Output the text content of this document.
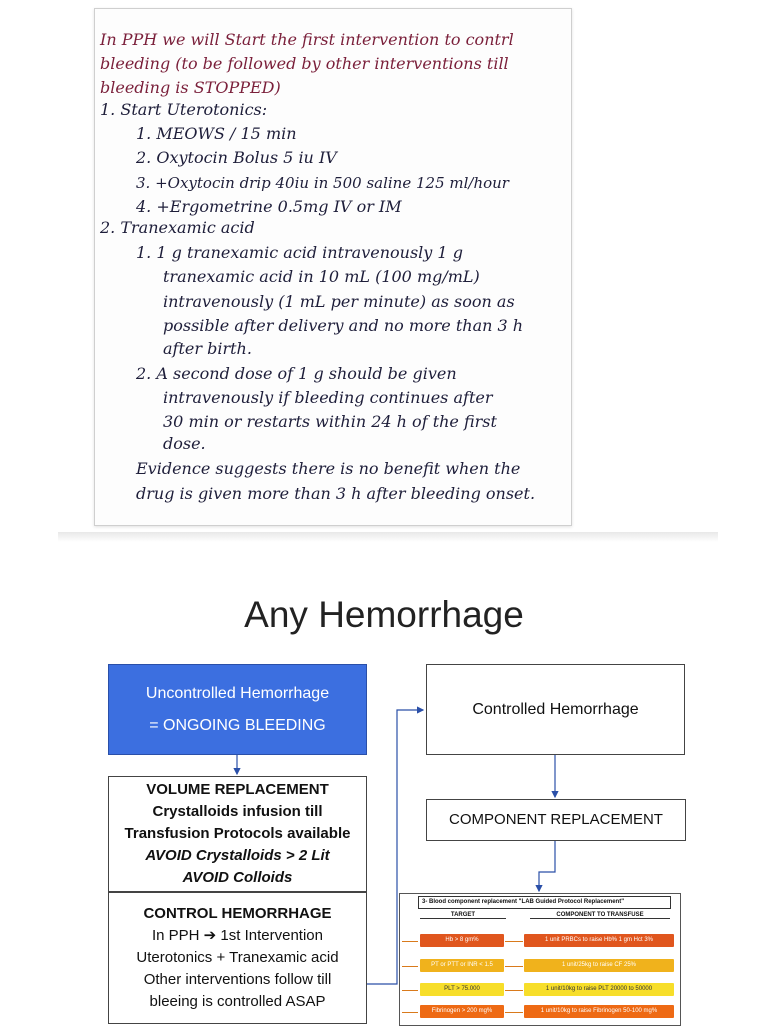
In PPH we will Start the first intervention to contrl
bleeding (to be followed by other interventions till
bleeding is STOPPED)
1. Start Uterotonics:
1. MEOWS / 15 min
2. Oxytocin Bolus 5 iu IV
3. +Oxytocin drip 40iu in 500 saline 125 ml/hour
4. +Ergometrine 0.5mg IV or IM
2. Tranexamic acid
1. 1 g tranexamic acid intravenously 1 g
tranexamic acid in 10 mL (100 mg/mL)
intravenously (1 mL per minute) as soon as
possible after delivery and no more than 3 h
after birth.
2. A second dose of 1 g should be given
intravenously if bleeding continues after
30 min or restarts within 24 h of the first
dose.
Evidence suggests there is no benefit when the
drug is given more than 3 h after bleeding onset.
Any Hemorrhage
Uncontrolled Hemorrhage
= ONGOING BLEEDING
Controlled Hemorrhage
VOLUME REPLACEMENT
Crystalloids infusion till
Transfusion Protocols available
AVOID Crystalloids > 2 Lit
AVOID Colloids
CONTROL HEMORRHAGE
In PPH ➔ 1st Intervention
Uterotonics + Tranexamic acid
Other interventions follow till
bleeing is controlled ASAP
COMPONENT REPLACEMENT
3- Blood component replacement "LAB Guided Protocol Replacement"
TARGET	COMPONENT TO TRANSFUSE
Hb > 8 gm%	1 unit PRBCs to raise Hb% 1 gm Hct 3%
PT or PTT or INR < 1.5	1 unit/25kg to raise CF 25%
PLT > 75.000	1 unit/10kg to raise PLT 20000 to 50000
Fibrinogen > 200 mg%	1 unit/10kg to raise Fibrinogen 50-100 mg%
